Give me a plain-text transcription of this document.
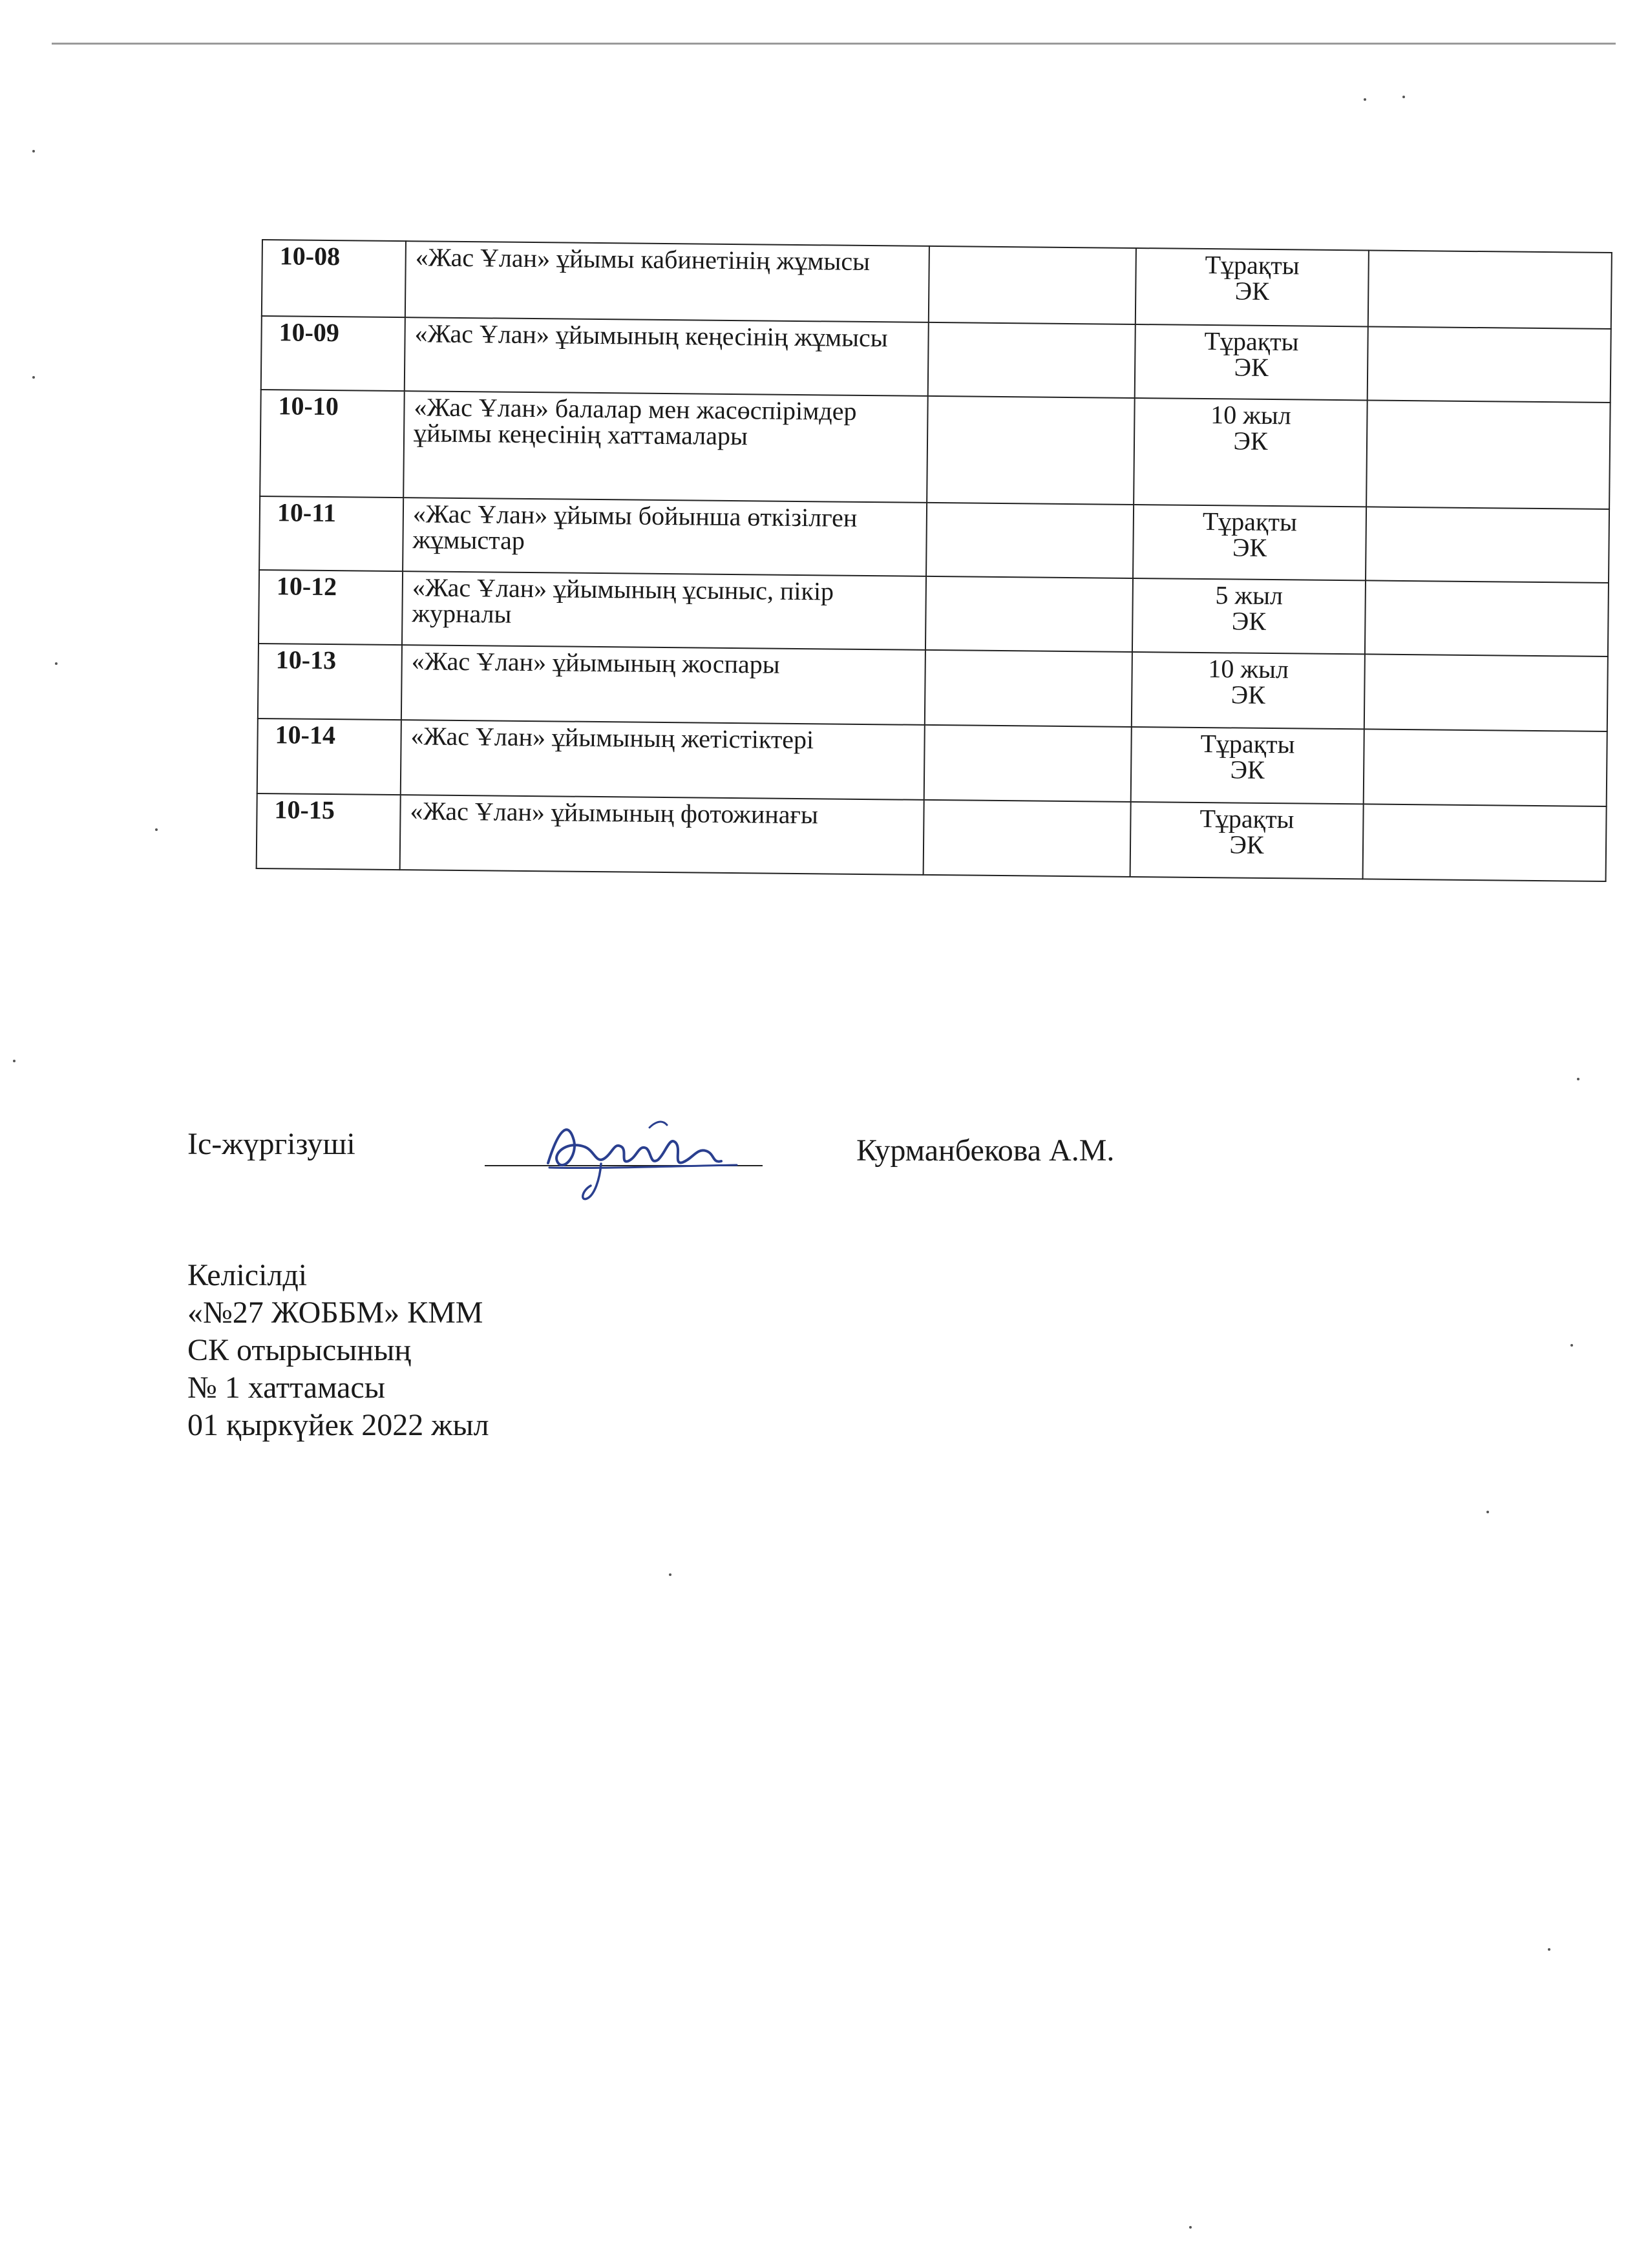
10-08	«Жас Ұлан» ұйымы кабинетінің жұмысы		Тұрақты
ЭК	

10-09	«Жас Ұлан» ұйымының кеңесінің жұмысы		Тұрақты
ЭК	

10-10	«Жас Ұлан» балалар мен жасөспірімдер ұйымы кеңесінің хаттамалары		10 жыл
ЭК	

10-11	«Жас Ұлан» ұйымы бойынша өткізілген жұмыстар		Тұрақты
ЭК	

10-12	«Жас Ұлан» ұйымының ұсыныс, пікір журналы		5 жыл
ЭК	

10-13	«Жас Ұлан» ұйымының жоспары		10 жыл
ЭК	

10-14	«Жас Ұлан» ұйымының жетістіктері		Тұрақты
ЭК	

10-15	«Жас Ұлан» ұйымының фотожинағы		Тұрақты
ЭК	

Іс-жүргізуші	Курманбекова А.М.
Келісілді
«№27 ЖОББМ» КММ
СК отырысының
№ 1 хаттамасы
01 қыркүйек 2022 жыл
